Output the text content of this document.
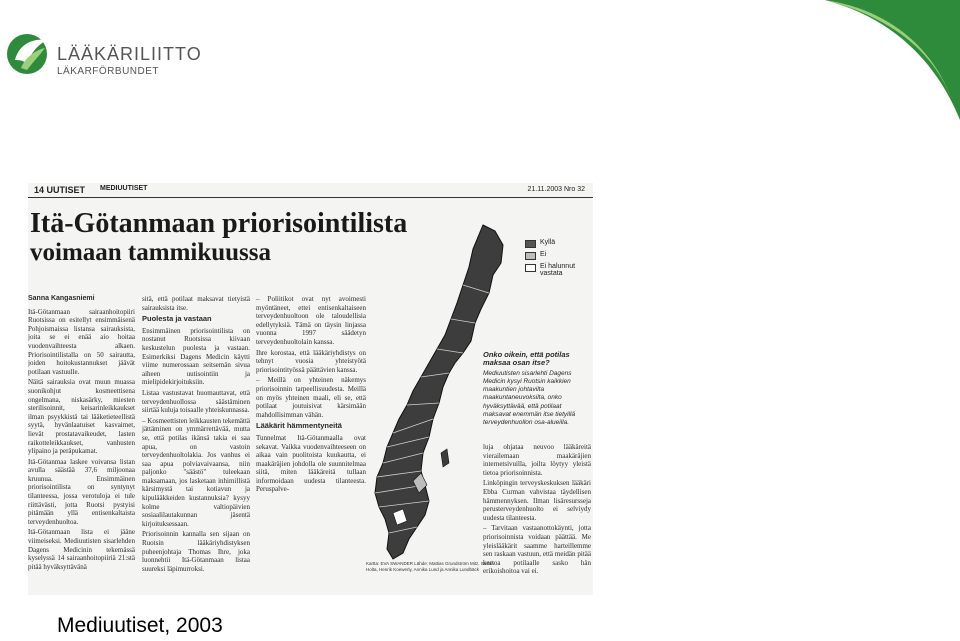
LÄÄKÄRILIITTO
LÄKARFÖRBUNDET
14 UUTISET MEDIUUTISET	21.11.2003 Nro 32
Itä-Götanmaan priorisointilista
voimaan tammikuussa	Kyllä
Ei
Ei halunnut vastata
Sanna Kangasniemi

Itä-Götanmaan sairaanhoitopiiri Ruotsissa on esitellyt ensimmäisenä Pohjoismaissa listansa sairauksista, joita se ei enää aio hoitaa vuodenvaihteesta alkaen. Priorisointilistalla on 50 sairautta, joiden hoitokustannukset jäävät potilaan vastuulle.

Näitä sairauksia ovat muun muassa suonikohjut kosmeettisena ongelmana, niskasärky, miesten sterilisoinnit, keisarinleikkaukset ilman psyykkistä tai lääketieteellistä syytä, hyvänlaatuiset kasvaimet, lievät prostatavaikeudet, lasten raikotteleikkaukset, vanhusten ylipaino ja peräpukamat.

Itä-Götanmaa laskee voivansa listan avulla säästää 37,6 miljoonaa kruunua. Ensimmäinen priorisointilista on syntynyt tilanteessa, jossa verotuloja ei tule riittävästi, jotta Ruotsi pystyisi pitämään yllä entisenkaltaista terveydenhuoltoa.

Itä-Götanmaan lista ei jääne viimeiseksi. Mediuutisten sisarlehden Dagens Medicinin tekemässä kyselyssä 14 sairaanhoitopiiriä 21:stä pitää hyväksyttävänä

sitä, että potilaat maksavat tietyistä sairauksista itse.

Puolesta ja vastaan

Ensimmäinen priorisointilista on nostanut Ruotsissa kiivaan keskustelun puolesta ja vastaan. Esimerkiksi Dagens Medicin käytti viime numerossaan seitsemän sivua aiheen uutisointiin ja mielipidekirjoituksiin.

Listaa vastustavat huomauttavat, että terveydenhuollossa säästäminen siirtää kuluja toisaalle yhteiskunnassa.

– Kosmeettisten leikkausten tekemättä jättäminen on ymmärrettävää, mutta se, että potilas ikänsä takia ei saa apua, on vastoin terveydenhuoltolakia. Jos vanhus ei saa apua polviavaivaansa, niin paljonko "säästö" tuleekaan maksamaan, jos lasketaan inhimillistä kärsimystä tai kotiavun ja kipulääkkeiden kustannuksia? kysyy kolme valtiopäivien sosiaalilautakunnan jäsentä kirjoituksessaan.

Priorisoinnin kannalla sen sijaan on Ruotsin lääkäriyhdistyksen puheenjohtaja Thomas Ihre, joka luonnehtii Itä-Götanmaan listaa suureksi läpimurroksi.

– Poliitikot ovat nyt avoimesti myöntäneet, ettei entisenkaltaiseen terveydenhuoltoon ole taloudellisia edellytyksiä. Tämä on täysin linjassa vuonna 1997 säädetyn terveydenhuoltolain kanssa.

Ihre korostaa, että lääkäriyhdistys on tehnyt vuosia yhteistyötä priorisointityössä päättävien kanssa.

– Meillä on yhteinen näkemys priorisoinnin tarpeellisuudesta. Meillä on myös yhteinen maali, eli se, että potilaat joutuisivat kärsimään mahdollisimman vähän.

Lääkärit hämmentyneitä

Tunnelmat Itä-Götanmaalla ovat sekavat. Vaikka vuodenvaihteeseen on aikaa vain puolitoista kuukautta, ei maakäräjien johdolla ole suunnitelmaa siitä, miten lääkäreitä tullaan informoidaan uudesta tilanteesta. Peruspalve-

Kartta: EVA SWANDER Lähde: Mattias Grundström Mitz, Stefan Holta, Henrik Koewerly, Annika Lund ja Annika Lundbäck
Onko oikein, että potilas maksaa osan itse?
Mediuutisten sisarlehti Dagens Medicin kysyi Ruotsin kaikkien maakuntien johtavilta maakuntaneuvoksilta, onko hyväksyttävää, että potilaat maksavat enemmän itse tietyillä terveydenhuollon osa-alueilla.

luja ohjataa neuvoo lääkäreitä vierailemaan maakäräjien internetsivuilla, joilta löytyy yleistä tietoa priorisoinnista.

Linköpingin terveyskeskuksen lääkäri Ebba Curman vahvistaa täydellisen hämmennyksen. Ilman lisäresursseja perusterveydenhuolto ei selviydy uudesta tilanteesta.

– Tarvitaan vastaanottokäynti, jotta priorisoinnista voidaan päättää. Me yleislääkärit saamme harteillemme sen raskaan vastuun, että meidän pitää kertoa potilaalle sasko hän erikoishoitoa vai ei.

Mediuutiset, 2003
